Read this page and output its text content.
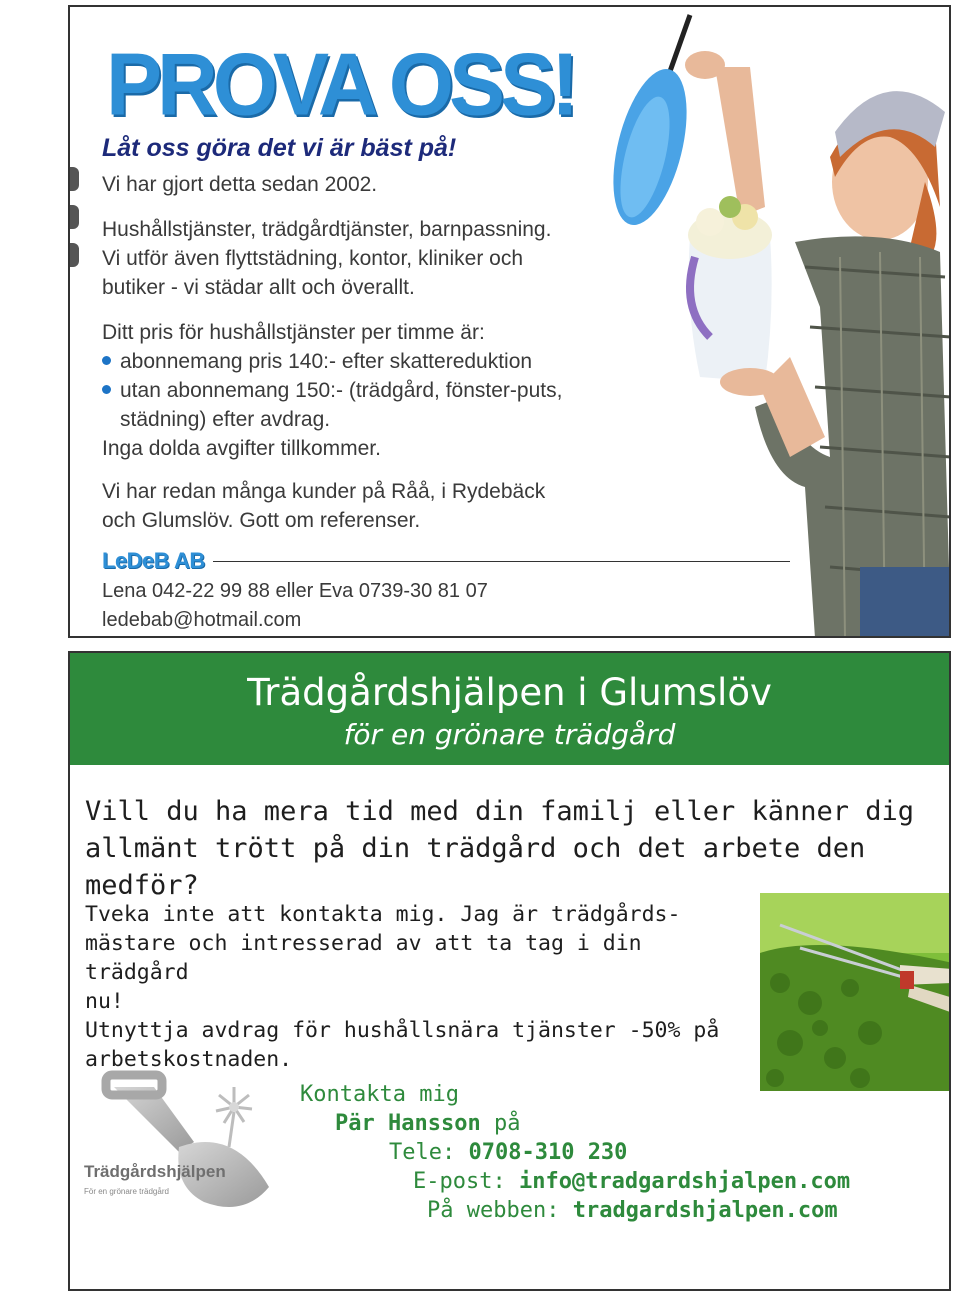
PROVA OSS!
Låt oss göra det vi är bäst på!
Vi har gjort detta sedan 2002.
Hushållstjänster, trädgårdtjänster, barnpassning.
Vi utför även flyttstädning, kontor, kliniker och
butiker - vi städar allt och överallt.
Ditt pris för hushållstjänster per timme är:
abonnemang pris 140:- efter skattereduktion
utan abonnemang 150:- (trädgård, fönster-puts, städning) efter avdrag.
Inga dolda avgifter tillkommer.
Vi har redan många kunder på Råå, i Rydebäck
och Glumslöv. Gott om referenser.
LeDeB AB
Lena 042-22 99 88 eller Eva 0739-30 81 07
ledebab@hotmail.com
Trädgårdshjälpen i Glumslöv
för en grönare trädgård
Vill du ha mera tid med din familj eller känner dig allmänt trött på din trädgård och det arbete den medför?
Tveka inte att kontakta mig. Jag är trädgårds-
mästare och intresserad av att ta tag i din trädgård
nu!
Utnyttja avdrag för hushållsnära tjänster -50% på
arbetskostnaden.
Trädgårdshjälpen
För en grönare trädgård
Kontakta mig
Pär Hansson på
Tele: 0708-310 230
E-post: info@tradgardshjalpen.com
På webben: tradgardshjalpen.com
